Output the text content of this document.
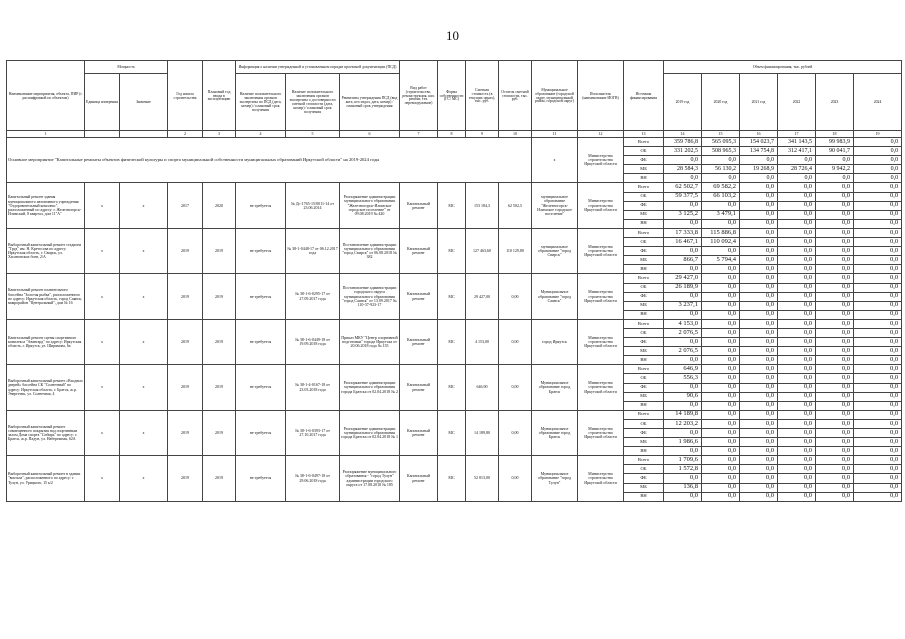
10
Наименование мероприятия, объекта, ПИР (с расшифровкой по объектам)	Мощность		Год начала строительства	Плановый год ввода в эксплуатацию	Информация о наличии утвержденной и установленном порядке проектной документации (ПСД)			Вид работ (строительство, реконструкция, кап. ремонт, тех. перевооружение)	Форма собственности (ГС/ МС)	Сметная стоимость (в текущих ценах), тыс. руб.	Остаток сметной стоимости, тыс. руб.	Муниципальное образование (городской округ, муниципальный район, городской округ)	Исполнитель (наименование ИОГВ)	Источник финансирования	Объем финансирования, тыс. рублей					
	Единица измерения	Значение			Наличие положительного заключения органов экспертизы по ПСД (дата, номер) / плановый срок получения	Наличие положительного заключения органов экспертизы о достоверности сметной стоимости (дата, номер) / плановый срок получения	Реквизиты утверждения ПСД (вид акта, кто издал, дата, номер) / плановый срок утверждения								2019 год	2020 год	2021 год	2022	2023	2024

1			2	3	4	5	6	7	8	9	10	11	12	13	14	15	16	17	18	19
Основное мероприятие "Капитальные ремонты объектов физической культуры и спорта муниципальной собственности муниципальных образований Иркутской области" на 2019-2024 годы												х	Министерство строительства Иркутской области	Всего	359 786,8	565 095,3	154 023,7	341 143,5	99 983,9	0,0
														ОБ	331 202,5	508 965,3	134 754,8	312 417,1	90 041,7	0,0
														ФБ	0,0	0,0	0,0	0,0	0,0	0,0
														МБ	28 584,3	56 130,2	19 268,9	28 726,4	9 942,2	0,0
														ВН	0,0	0,0	0,0	0,0	0,0	0,0
Капитальный ремонт здания муниципального автономного учреждения "Оздоровительный комплекс", расположенный по адресу: г. Железногорск-Илимский, 8 квартал, дом 11"А"	х	х	2017	2020	не требуется	№ Дс-1765-15/0011-14 от 23.06.2014	Распоряжение администрации муниципального образования "Железногорск-Илимское городское поселение" от 09.08.2019 № 420	Капитальный ремонт	МС	153 184,3	62 502,5	муниципальное образование "Железногорск-Илимское городское поселение"	Министерство строительства Иркутской области	Всего	62 502,7	69 582,2	0,0	0,0	0,0	0,0
														ОБ	59 377,5	66 103,2	0,0	0,0	0,0	0,0
														ФБ	0,0	0,0	0,0	0,0	0,0	0,0
														МБ	3 125,2	3 479,1	0,0	0,0	0,0	0,0
														ВН	0,0	0,0	0,0	0,0	0,0	0,0
Выборочный капитальный ремонт стадиона "Труд" им. Н. Кретосова по адресу: Иркутская область, г. Свирск, ул. Хасановских боев, 2/А	х	х	2019	2019	не требуется	№ 38-1-0448-17 от 06.12.2017 года	Постановление администрации муниципального образования "город Свирск" от 06.08.2018 № 382	Капитальный ремонт	МС	127 463,60	110 129,80	муниципальное образование "город Свирск"	Министерство строительства Иркутской области	Всего	17 333,8	115 886,8	0,0	0,0	0,0	0,0
														ОБ	16 467,1	110 092,4	0,0	0,0	0,0	0,0
														ФБ	0,0	0,0	0,0	0,0	0,0	0,0
														МБ	866,7	5 794,4	0,0	0,0	0,0	0,0
														ВН	0,0	0,0	0,0	0,0	0,0	0,0
Капитальный ремонт плавательного бассейна "Золотая рыбка", расположенного по адресу: Иркутская область, город Саянск, микрорайон "Центральный", дом № 16	х	х	2019	2019	не требуется	№ 38-1-6-0295-17 от 27.09.2017 года	Постановление администрации городского округа муниципального образования "город Саянск" от 13.09.2017 № 110-37-923-17	Капитальный ремонт	МС	29 427,00	0,00	Муниципальное образование "город Саянск"	Министерство строительства Иркутской области	Всего	29 427,0	0,0	0,0	0,0	0,0	0,0
														ОБ	26 189,9	0,0	0,0	0,0	0,0	0,0
														ФБ	0,0	0,0	0,0	0,0	0,0	0,0
														МБ	3 237,1	0,0	0,0	0,0	0,0	0,0
														ВН	0,0	0,0	0,0	0,0	0,0	0,0
Капитальный ремонт сцены спортивного комплекса "Авангард" по адресу: Иркутская область, г. Иркутск, ул. Ширямова, 6а	х	х	2019	2019	не требуется	№ 38-1-6-0449-18 от 19.09.2018 года	Приказ МКУ "Центр спортивной подготовки" города Иркутска от 20.06.2018 года № 135	Капитальный ремонт	МС	4 153,00	0,00	город Иркутск	Министерство строительства Иркутской области	Всего	4 153,0	0,0	0,0	0,0	0,0	0,0
														ОБ	2 076,5	0,0	0,0	0,0	0,0	0,0
														ФБ	0,0	0,0	0,0	0,0	0,0	0,0
														МБ	2 076,5	0,0	0,0	0,0	0,0	0,0
														ВН	0,0	0,0	0,0	0,0	0,0	0,0
Выборочный капитальный ремонт «Входных дверей» бассейна СК "Солнечный" по адресу: Иркутская область, г. Братск, ж.р. Энергетик, ул. Солнечная, 4	х	х	2019	2019	не требуется	№ 38-1-4-0167-18 от 23.03.2018 года	Распоряжение администрации муниципального образования города Братска от 02.04.2018 № 2	Капитальный ремонт	МС	646,90	0,00	Муниципальное образование город Братск	Министерство строительства Иркутской области	Всего	646,9	0,0	0,0	0,0	0,0	0,0
														ОБ	556,3	0,0	0,0	0,0	0,0	0,0
														ФБ	0,0	0,0	0,0	0,0	0,0	0,0
														МБ	90,6	0,0	0,0	0,0	0,0	0,0
														ВН	0,0	0,0	0,0	0,0	0,0	0,0
Выборочный капитальный ремонт совмещенного покрытия над спортивным залом Дома спорта "Сибирь" по адресу: г. Братск, ж.р. Падун, ул. Набережная, 62А	х	х	2019	2019	не требуется	№ 38-1-6-0393-17 от 27.10.2017 года	Распоряжение администрации муниципального образования города Братска от 02.04.2018 № 1	Капитальный ремонт	МС	14 189,80	0,00	Муниципальное образование город Братск	Министерство строительства Иркутской области	Всего	14 189,8	0,0	0,0	0,0	0,0	0,0
														ОБ	12 203,2	0,0	0,0	0,0	0,0	0,0
														ФБ	0,0	0,0	0,0	0,0	0,0	0,0
														МБ	1 986,6	0,0	0,0	0,0	0,0	0,0
														ВН	0,0	0,0	0,0	0,0	0,0	0,0
Выборочный капитальный ремонт в здании "вокзала", расположенного по адресу: г. Тулун, ул. Урицкого, 15 к/2	х	х	2019	2019	не требуется	№ 38-1-6-0497-18 от 29.06.2018 года	Распоряжение муниципального образования - "город Тулун" администрации городского округа от 17.08.2018 № 185	Капитальный ремонт	МС	52 813,00	0,00	Муниципальное образование "город Тулун"	Министерство строительства Иркутской области	Всего	1 709,6	0,0	0,0	0,0	0,0	0,0
														ОБ	1 572,8	0,0	0,0	0,0	0,0	0,0
														ФБ	0,0	0,0	0,0	0,0	0,0	0,0
														МБ	136,8	0,0	0,0	0,0	0,0	0,0
														ВН	0,0	0,0	0,0	0,0	0,0	0,0
